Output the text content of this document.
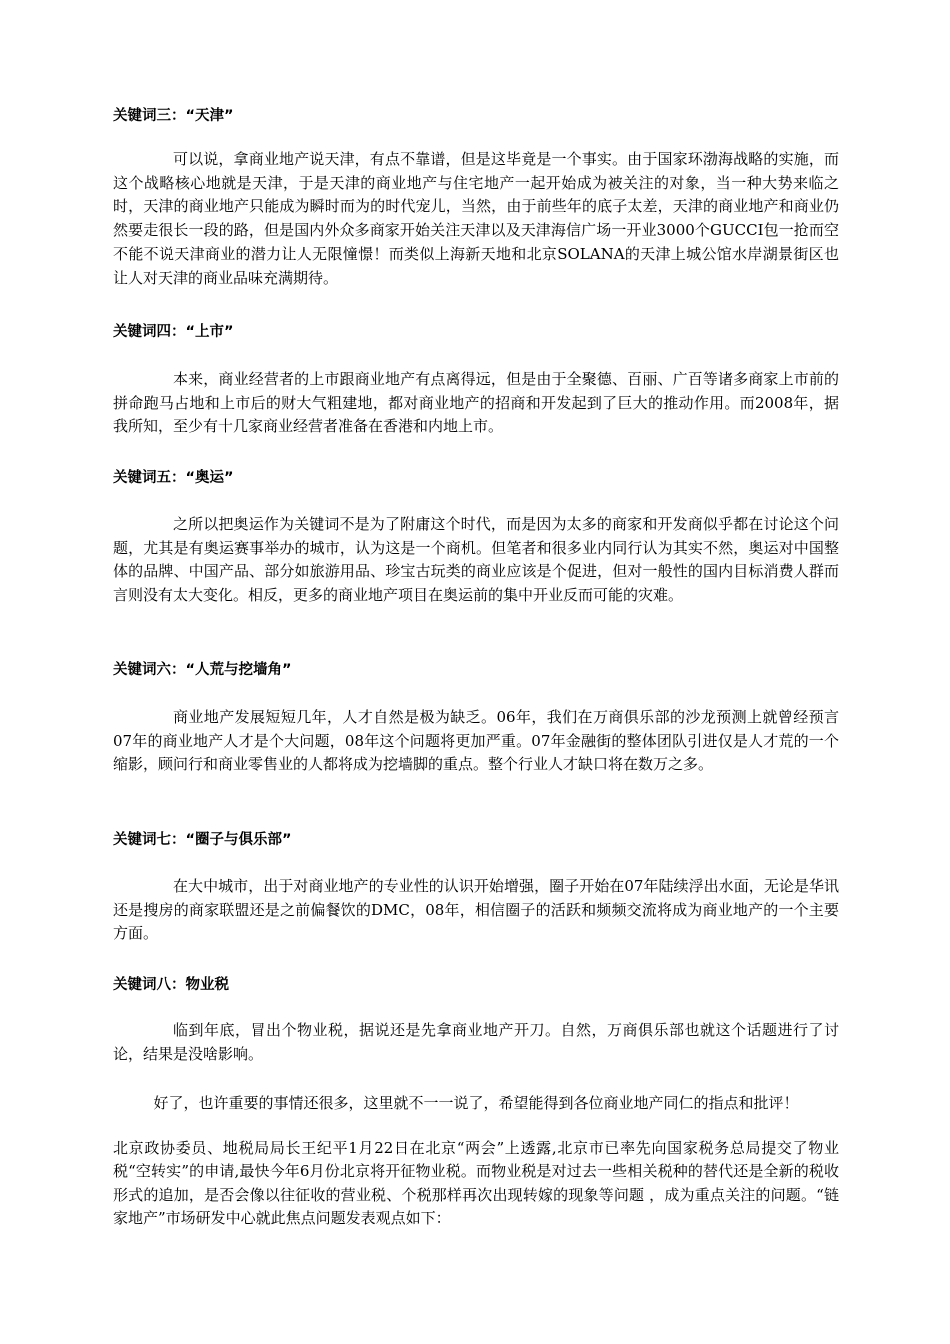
关键词三：“天津”
可以说，拿商业地产说天津，有点不靠谱，但是这毕竟是一个事实。由于国家环渤海战略的实施，而这个战略核心地就是天津，于是天津的商业地产与住宅地产一起开始成为被关注的对象，当一种大势来临之时，天津的商业地产只能成为瞬时而为的时代宠儿，当然，由于前些年的底子太差，天津的商业地产和商业仍然要走很长一段的路，但是国内外众多商家开始关注天津以及天津海信广场一开业3000个GUCCI包一抢而空不能不说天津商业的潜力让人无限憧憬！而类似上海新天地和北京SOLANA的天津上城公馆水岸湖景街区也让人对天津的商业品味充满期待。
关键词四：“上市”
本来，商业经营者的上市跟商业地产有点离得远，但是由于全聚德、百丽、广百等诸多商家上市前的拼命跑马占地和上市后的财大气粗建地，都对商业地产的招商和开发起到了巨大的推动作用。而2008年，据我所知，至少有十几家商业经营者准备在香港和内地上市。
关键词五：“奥运”
之所以把奥运作为关键词不是为了附庸这个时代，而是因为太多的商家和开发商似乎都在讨论这个问题，尤其是有奥运赛事举办的城市，认为这是一个商机。但笔者和很多业内同行认为其实不然，奥运对中国整体的品牌、中国产品、部分如旅游用品、珍宝古玩类的商业应该是个促进，但对一般性的国内目标消费人群而言则没有太大变化。相反，更多的商业地产项目在奥运前的集中开业反而可能的灾难。
关键词六：“人荒与挖墙角”
商业地产发展短短几年，人才自然是极为缺乏。06年，我们在万商俱乐部的沙龙预测上就曾经预言07年的商业地产人才是个大问题，08年这个问题将更加严重。07年金融街的整体团队引进仅是人才荒的一个缩影，顾问行和商业零售业的人都将成为挖墙脚的重点。整个行业人才缺口将在数万之多。
关键词七：“圈子与俱乐部”
在大中城市，出于对商业地产的专业性的认识开始增强，圈子开始在07年陆续浮出水面，无论是华讯还是搜房的商家联盟还是之前偏餐饮的DMC，08年，相信圈子的活跃和频频交流将成为商业地产的一个主要方面。
关键词八：物业税
临到年底，冒出个物业税，据说还是先拿商业地产开刀。自然，万商俱乐部也就这个话题进行了讨论，结果是没啥影响。
好了，也许重要的事情还很多，这里就不一一说了，希望能得到各位商业地产同仁的指点和批评！
北京政协委员、地税局局长王纪平1月22日在北京“两会”上透露,北京市已率先向国家税务总局提交了物业税“空转实”的申请,最快今年6月份北京将开征物业税。而物业税是对过去一些相关税种的替代还是全新的税收形式的追加，是否会像以往征收的营业税、个税那样再次出现转嫁的现象等问题 ，成为重点关注的问题。“链家地产”市场研发中心就此焦点问题发表观点如下：
